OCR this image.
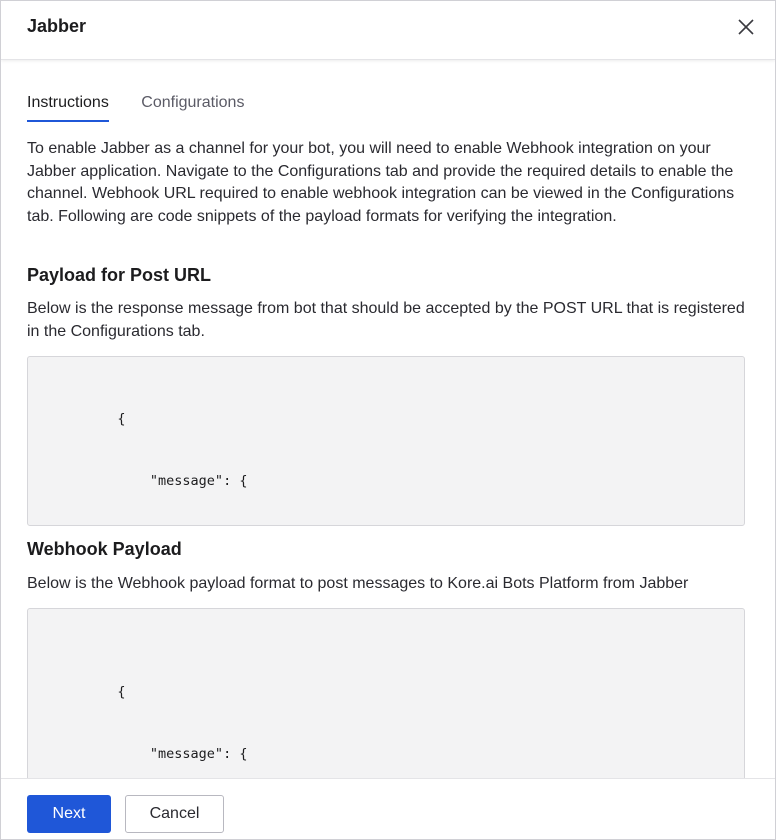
Jabber
Instructions Configurations

To enable Jabber as a channel for your bot, you will need to enable Webhook integration on your Jabber application. Navigate to the Configurations tab and provide the required details to enable the channel. Webhook URL required to enable webhook integration can be viewed in the Configurations tab. Following are code snippets of the payload formats for verifying the integration.

Payload for Post URL

Below is the response message from bot that should be accepted by the POST URL that is registered in the Configurations tab.

{

"message": {

Webhook Payload

Below is the Webhook payload format to post messages to Kore.ai Bots Platform from Jabber

{

"message": {

Next	Cancel
